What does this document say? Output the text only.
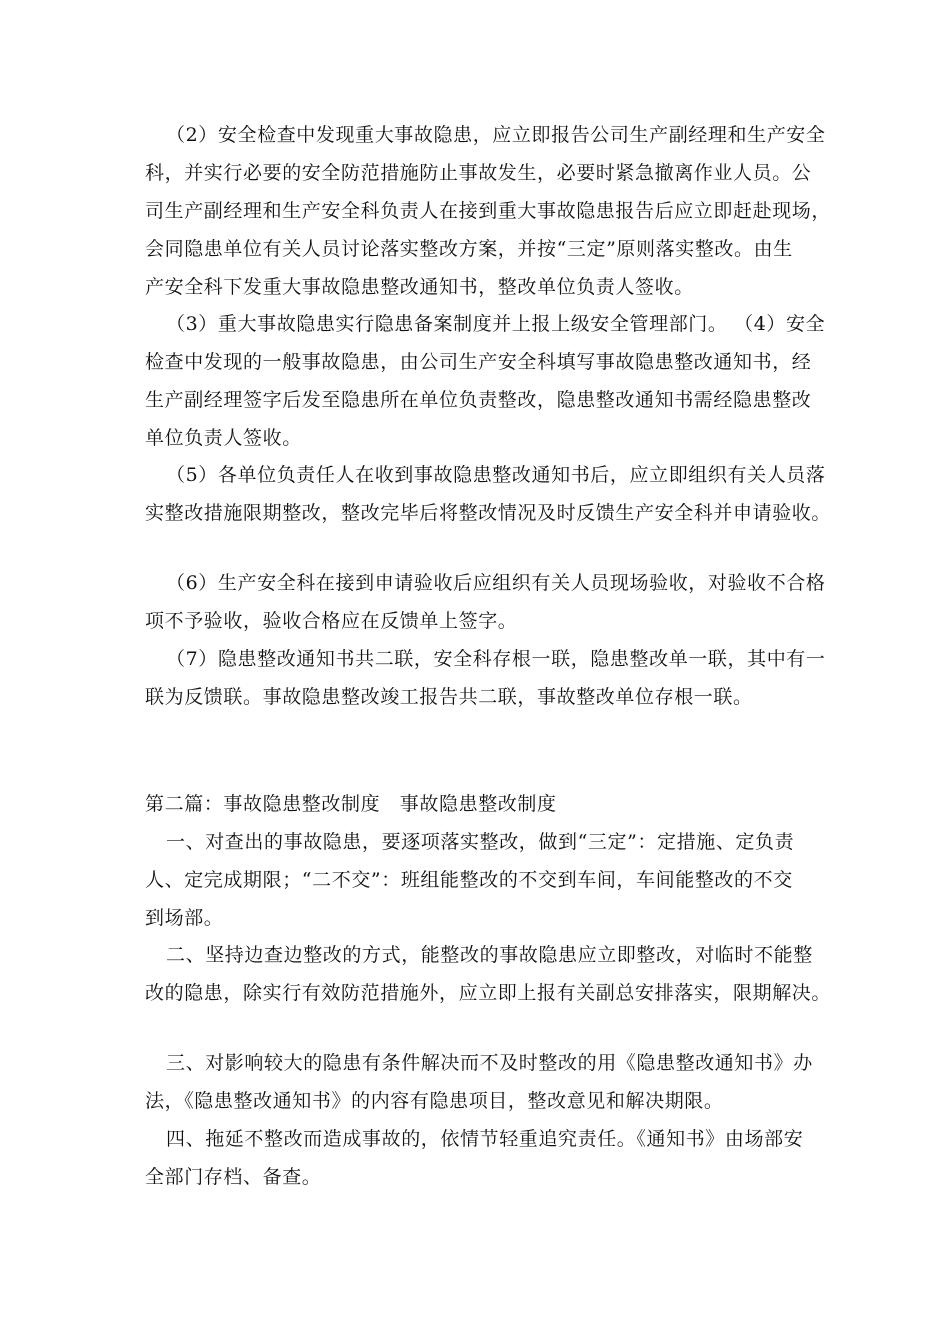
（2）安全检查中发现重大事故隐患，应立即报告公司生产副经理和生产安全
科，并实行必要的安全防范措施防止事故发生，必要时紧急撤离作业人员。公
司生产副经理和生产安全科负责人在接到重大事故隐患报告后应立即赶赴现场，
会同隐患单位有关人员讨论落实整改方案，并按“三定”原则落实整改。由生
产安全科下发重大事故隐患整改通知书，整改单位负责人签收。
（3）重大事故隐患实行隐患备案制度并上报上级安全管理部门。 （4）安全
检查中发现的一般事故隐患，由公司生产安全科填写事故隐患整改通知书，经
生产副经理签字后发至隐患所在单位负责整改，隐患整改通知书需经隐患整改
单位负责人签收。
（5）各单位负责任人在收到事故隐患整改通知书后，应立即组织有关人员落
实整改措施限期整改，整改完毕后将整改情况及时反馈生产安全科并申请验收。
（6）生产安全科在接到申请验收后应组织有关人员现场验收，对验收不合格
项不予验收，验收合格应在反馈单上签字。
（7）隐患整改通知书共二联，安全科存根一联，隐患整改单一联，其中有一
联为反馈联。事故隐患整改竣工报告共二联，事故整改单位存根一联。
第二篇：事故隐患整改制度　事故隐患整改制度
一、对查出的事故隐患，要逐项落实整改，做到“三定”：定措施、定负责
人、定完成期限；“二不交”：班组能整改的不交到车间，车间能整改的不交
到场部。
二、坚持边查边整改的方式，能整改的事故隐患应立即整改，对临时不能整
改的隐患，除实行有效防范措施外，应立即上报有关副总安排落实，限期解决。
三、对影响较大的隐患有条件解决而不及时整改的用《隐患整改通知书》办
法，《隐患整改通知书》的内容有隐患项目，整改意见和解决期限。
四、拖延不整改而造成事故的，依情节轻重追究责任。《通知书》由场部安
全部门存档、备查。
